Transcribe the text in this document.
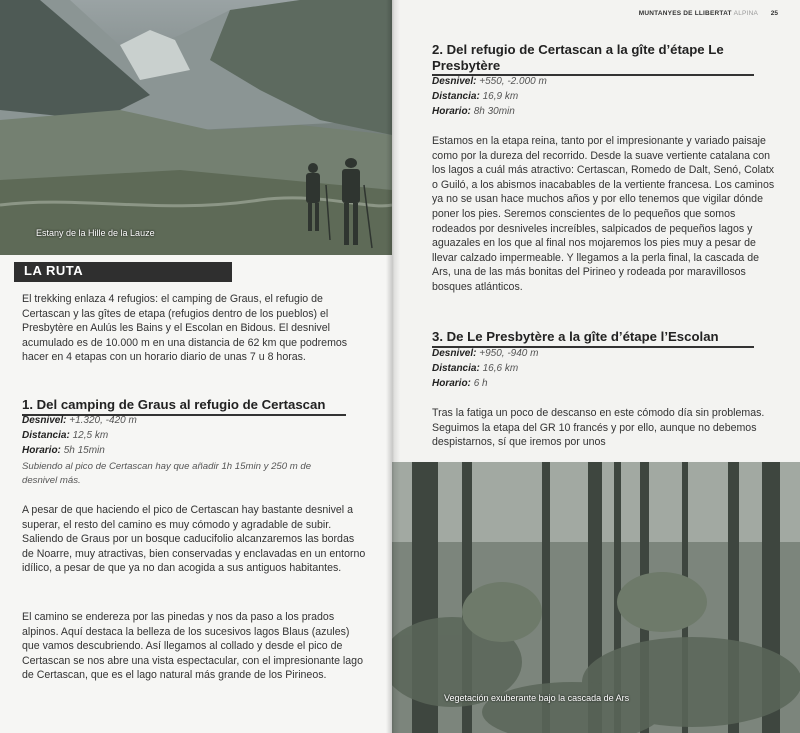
Estany de la Hille de la Lauze
LA RUTA
El trekking enlaza 4 refugios: el camping de Graus, el refugio de Certascan y las gîtes de etapa (refugios dentro de los pueblos) el Presbytère en Aulús les Bains y el Escolan en Bidous. El desnivel acumulado es de 10.000 m en una distancia de 62 km que podremos hacer en 4 etapas con un horario diario de unas 7 u 8 horas.
1. Del camping de Graus al refugio de Certascan
Desnivel: +1.320, -420 m
Distancia: 12,5 km
Horario: 5h 15min
Subiendo al pico de Certascan hay que añadir 1h 15min y 250 m de desnivel más.
A pesar de que haciendo el pico de Certascan hay bastante desnivel a superar, el resto del camino es muy cómodo y agradable de subir. Saliendo de Graus por un bosque caducifolio alcanzaremos las bordas de Noarre, muy atractivas, bien conservadas y enclavadas en un entorno idílico, a pesar de que ya no dan acogida a sus antiguos habitantes.
El camino se endereza por las pinedas y nos da paso a los prados alpinos. Aquí destaca la belleza de los sucesivos lagos Blaus (azules) que vamos descubriendo. Así llegamos al collado y desde el pico de Certascan se nos abre una vista espectacular, con el impresionante lago de Certascan, que es el lago natural más grande de los Pirineos.
MUNTANYES DE LLIBERTAT ALPINA 25
2. Del refugio de Certascan a la gîte d’étape Le Presbytère
Desnivel: +550, -2.000 m
Distancia: 16,9 km
Horario: 8h 30min
Estamos en la etapa reina, tanto por el impresionante y variado paisaje como por la dureza del recorrido. Desde la suave vertiente catalana con los lagos a cuál más atractivo: Certascan, Romedo de Dalt, Senó, Colatx o Guiló, a los abismos inacabables de la vertiente francesa. Los caminos ya no se usan hace muchos años y por ello tenemos que vigilar dónde poner los pies. Seremos conscientes de lo pequeños que somos rodeados por desniveles increíbles, salpicados de pequeños lagos y aguazales en los que al final nos mojaremos los pies muy a pesar de llevar calzado impermeable. Y llegamos a la perla final, la cascada de Ars, una de las más bonitas del Pirineo y rodeada por maravillosos bosques atlánticos.
3. De Le Presbytère a la gîte d’étape l’Escolan
Desnivel: +950, -940 m
Distancia: 16,6 km
Horario: 6 h
Tras la fatiga un poco de descanso en este cómodo día sin problemas. Seguimos la etapa del GR 10 francés y por ello, aunque no debemos despistarnos, sí que iremos por unos
Vegetación exuberante bajo la cascada de Ars
